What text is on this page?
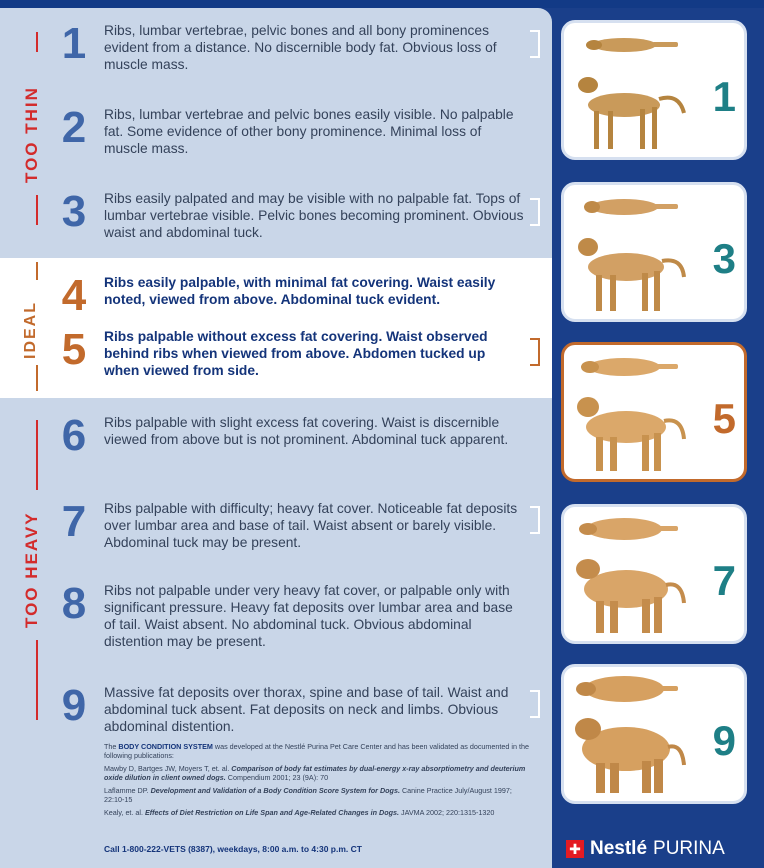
TOO THIN
IDEAL
TOO HEAVY
1	Ribs, lumbar vertebrae, pelvic bones and all bony prominences evident from a distance. No discernible body fat. Obvious loss of muscle mass.
2	Ribs, lumbar vertebrae and pelvic bones easily visible. No palpable fat. Some evidence of other bony prominence. Minimal loss of muscle mass.
3	Ribs easily palpated and may be visible with no palpable fat. Tops of lumbar vertebrae visible. Pelvic bones becoming prominent. Obvious waist and abdominal tuck.
4	Ribs easily palpable, with minimal fat covering. Waist easily noted, viewed from above. Abdominal tuck evident.
5	Ribs palpable without excess fat covering. Waist observed behind ribs when viewed from above. Abdomen tucked up when viewed from side.
6	Ribs palpable with slight excess fat covering. Waist is discernible viewed from above but is not prominent. Abdominal tuck apparent.
7	Ribs palpable with difficulty; heavy fat cover. Noticeable fat deposits over lumbar area and base of tail. Waist absent or barely visible. Abdominal tuck may be present.
8	Ribs not palpable under very heavy fat cover, or palpable only with significant pressure. Heavy fat deposits over lumbar area and base of tail. Waist absent. No abdominal tuck. Obvious abdominal distention may be present.
9	Massive fat deposits over thorax, spine and base of tail. Waist and abdominal tuck absent. Fat deposits on neck and limbs. Obvious abdominal distention.

The BODY CONDITION SYSTEM was developed at the Nestlé Purina Pet Care Center and has been validated as documented in the following publications:

Mawby D, Bartges JW, Moyers T, et. al. Comparison of body fat estimates by dual-energy x-ray absorptiometry and deuterium oxide dilution in client owned dogs. Compendium 2001; 23 (9A): 70

Laflamme DP. Development and Validation of a Body Condition Score System for Dogs. Canine Practice July/August 1997; 22:10-15

Kealy, et. al. Effects of Diet Restriction on Life Span and Age-Related Changes in Dogs. JAVMA 2002; 220:1315-1320

Call 1-800-222-VETS (8387), weekdays, 8:00 a.m. to 4:30 p.m. CT
1
3
5
7
9
✚ Nestlé PURINA
